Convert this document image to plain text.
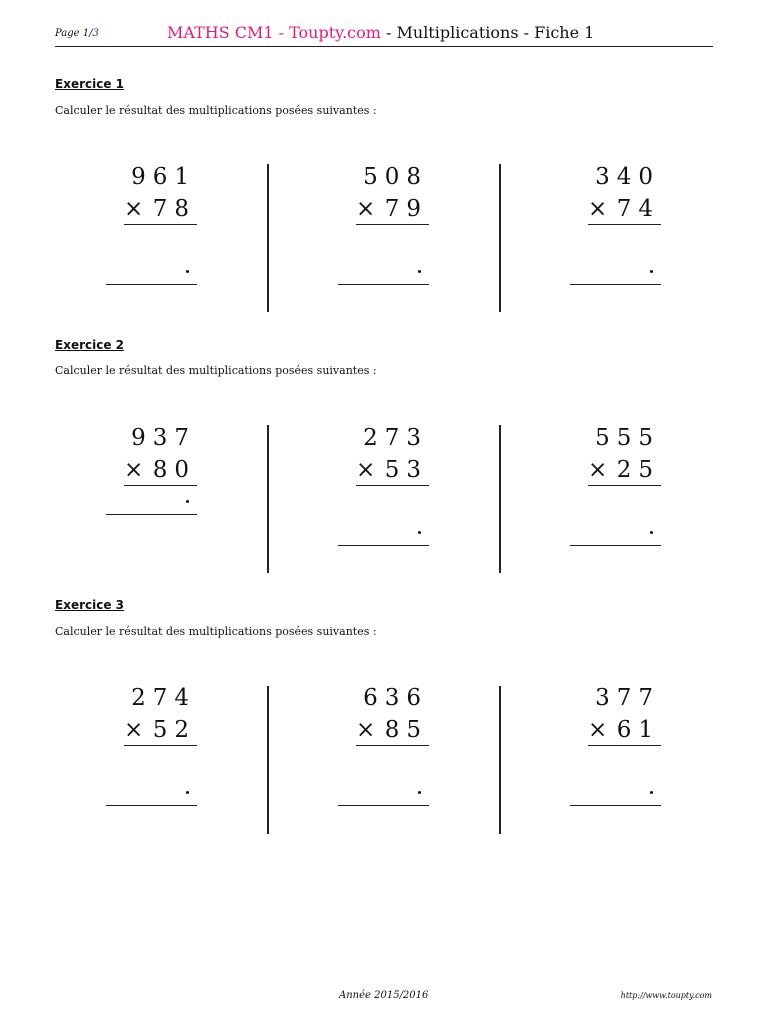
Page 1/3	MATHS CM1 - Toupty.com - Multiplications - Fiche 1
Exercice 1
Calculer le résultat des multiplications posées suivantes :
Exercice 2
Calculer le résultat des multiplications posées suivantes :
Exercice 3
Calculer le résultat des multiplications posées suivantes :
961
× 78
508
× 79
340
× 74
937
× 80
273
× 53
555
× 25
274
× 52
636
× 85
377
× 61
Année 2015/2016	http://www.toupty.com
